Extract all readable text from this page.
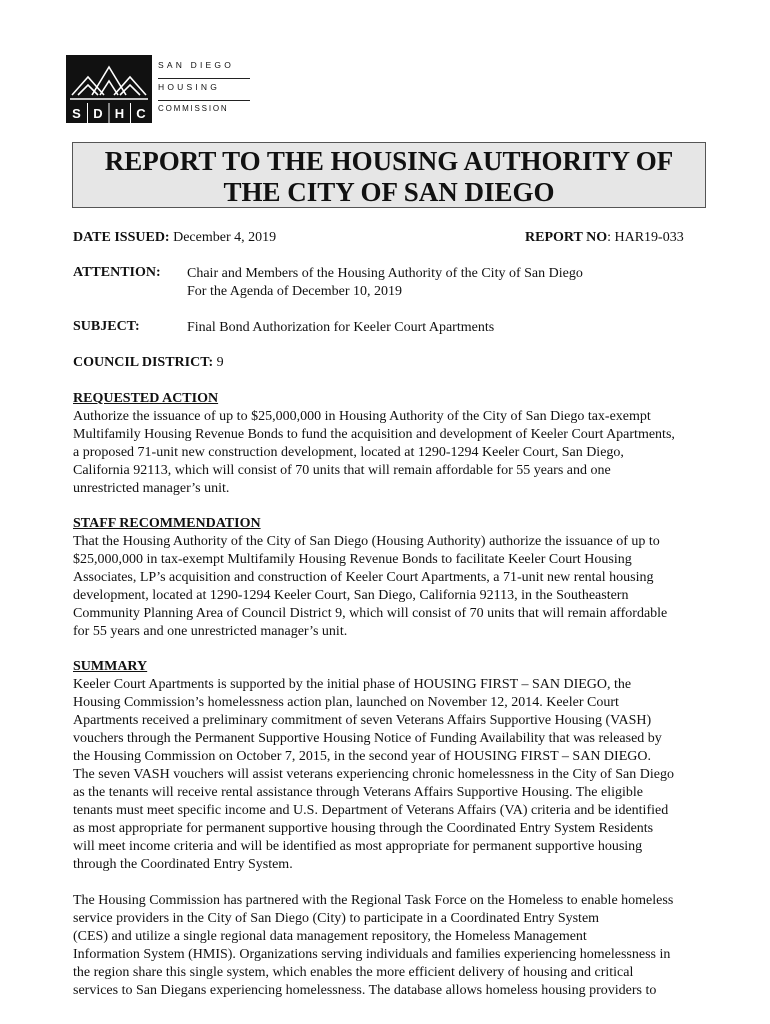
S D H C
SAN DIEGO
HOUSING
COMMISSION
REPORT TO THE HOUSING AUTHORITY OF
THE CITY OF SAN DIEGO
DATE ISSUED: December 4, 2019	REPORT NO: HAR19-033
ATTENTION: Chair and Members of the Housing Authority of the City of San Diego
For the Agenda of December 10, 2019
SUBJECT:	Final Bond Authorization for Keeler Court Apartments
COUNCIL DISTRICT: 9
REQUESTED ACTION
Authorize the issuance of up to $25,000,000 in Housing Authority of the City of San Diego tax-exempt
Multifamily Housing Revenue Bonds to fund the acquisition and development of Keeler Court Apartments,
a proposed 71-unit new construction development, located at 1290-1294 Keeler Court, San Diego,
California 92113, which will consist of 70 units that will remain affordable for 55 years and one
unrestricted manager’s unit.
STAFF RECOMMENDATION
That the Housing Authority of the City of San Diego (Housing Authority) authorize the issuance of up to
$25,000,000 in tax-exempt Multifamily Housing Revenue Bonds to facilitate Keeler Court Housing
Associates, LP’s acquisition and construction of Keeler Court Apartments, a 71-unit new rental housing
development, located at 1290-1294 Keeler Court, San Diego, California 92113, in the Southeastern
Community Planning Area of Council District 9, which will consist of 70 units that will remain affordable
for 55 years and one unrestricted manager’s unit.
SUMMARY
Keeler Court Apartments is supported by the initial phase of HOUSING FIRST – SAN DIEGO, the
Housing Commission’s homelessness action plan, launched on November 12, 2014. Keeler Court
Apartments received a preliminary commitment of seven Veterans Affairs Supportive Housing (VASH)
vouchers through the Permanent Supportive Housing Notice of Funding Availability that was released by
the Housing Commission on October 7, 2015, in the second year of HOUSING FIRST – SAN DIEGO.
The seven VASH vouchers will assist veterans experiencing chronic homelessness in the City of San Diego
as the tenants will receive rental assistance through Veterans Affairs Supportive Housing. The eligible
tenants must meet specific income and U.S. Department of Veterans Affairs (VA) criteria and be identified
as most appropriate for permanent supportive housing through the Coordinated Entry System Residents
will meet income criteria and will be identified as most appropriate for permanent supportive housing
through the Coordinated Entry System.
The Housing Commission has partnered with the Regional Task Force on the Homeless to enable homeless
service providers in the City of San Diego (City) to participate in a Coordinated Entry System
(CES) and utilize a single regional data management repository, the Homeless Management
Information System (HMIS). Organizations serving individuals and families experiencing homelessness in
the region share this single system, which enables the more efficient delivery of housing and critical
services to San Diegans experiencing homelessness. The database allows homeless housing providers to
